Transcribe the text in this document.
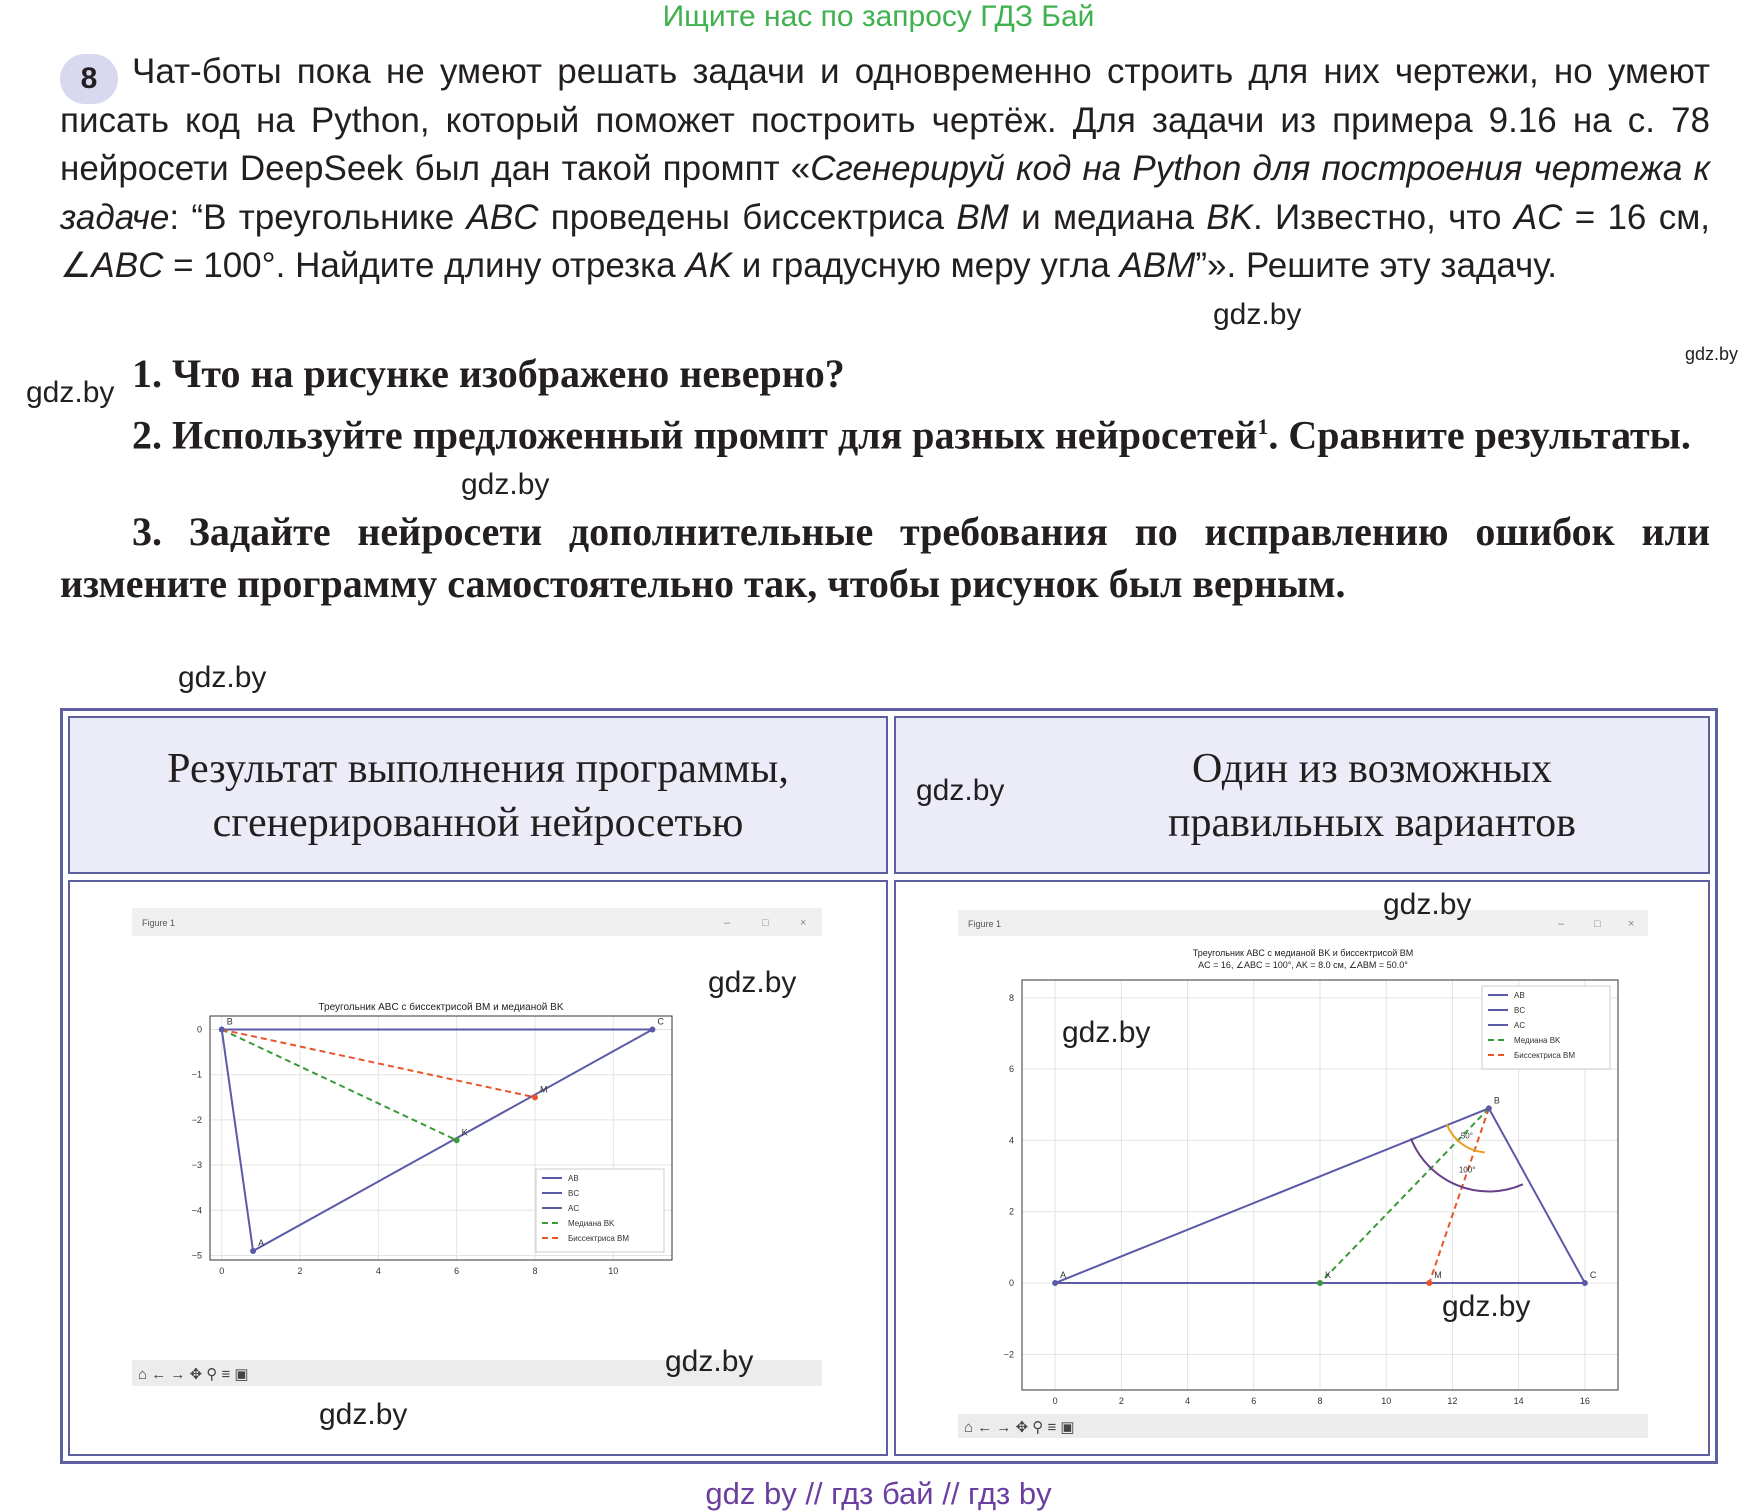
Ищите нас по запросу ГДЗ Бай
8 Чат-боты пока не умеют решать задачи и одновременно строить для них чертежи, но умеют писать код на Python, который поможет построить чертёж. Для задачи из примера 9.16 на с. 78 нейросети DeepSeek был дан такой промпт «Сгенерируй код на Python для построения чертежа к задаче: “В треугольнике ABC проведены биссектриса BM и медиана BK. Известно, что AC = 16 см, ∠ABC = 100°. Найдите длину отрезка AK и градусную меру угла ABM”». Решите эту задачу.
gdz.by
gdz.by
gdz.by
gdz.by
gdz.by
1. Что на рисунке изображено неверно?
2. Используйте предложенный промпт для разных нейросетей$^1$. Сравните результаты.
3. Задайте нейросети дополнительные требования по исправлению ошибок или измените программу самостоятельно так, чтобы рисунок был верным.
Результат выполнения программы,
сгенерированной нейросетью
Один из возможных
правильных вариантов
gdz.by
Figure 1	–	□	×
0	2	4	6	8	10
0
−1
−2
−3
−4
−5
Треугольник ABC с биссектрисой BM и медианой BK
A
B	C
K
M
AB
BC
AC
Медиана BK
Биссектриса BM
⌂ ← → ✥ ⚲ ≡ ▣
Figure 1	–	□ ×
Треугольник ABC с медианой BK и биссектрисой BM
AC = 16, ∠ABC = 100°, AK = 8.0 см, ∠ABM = 50.0°
0	2	4	6	8	10	12	14	16
8
6
4
2
0
−2
A
B
C
K	M
AB
BC
AC
Медиана BK
Биссектриса BM
50°
100°
⌂ ← → ✥ ⚲ ≡ ▣
gdz.by
gdz.by
gdz.by
gdz.by
gdz.by
gdz.by
gdz by // гдз бай // гдз by
